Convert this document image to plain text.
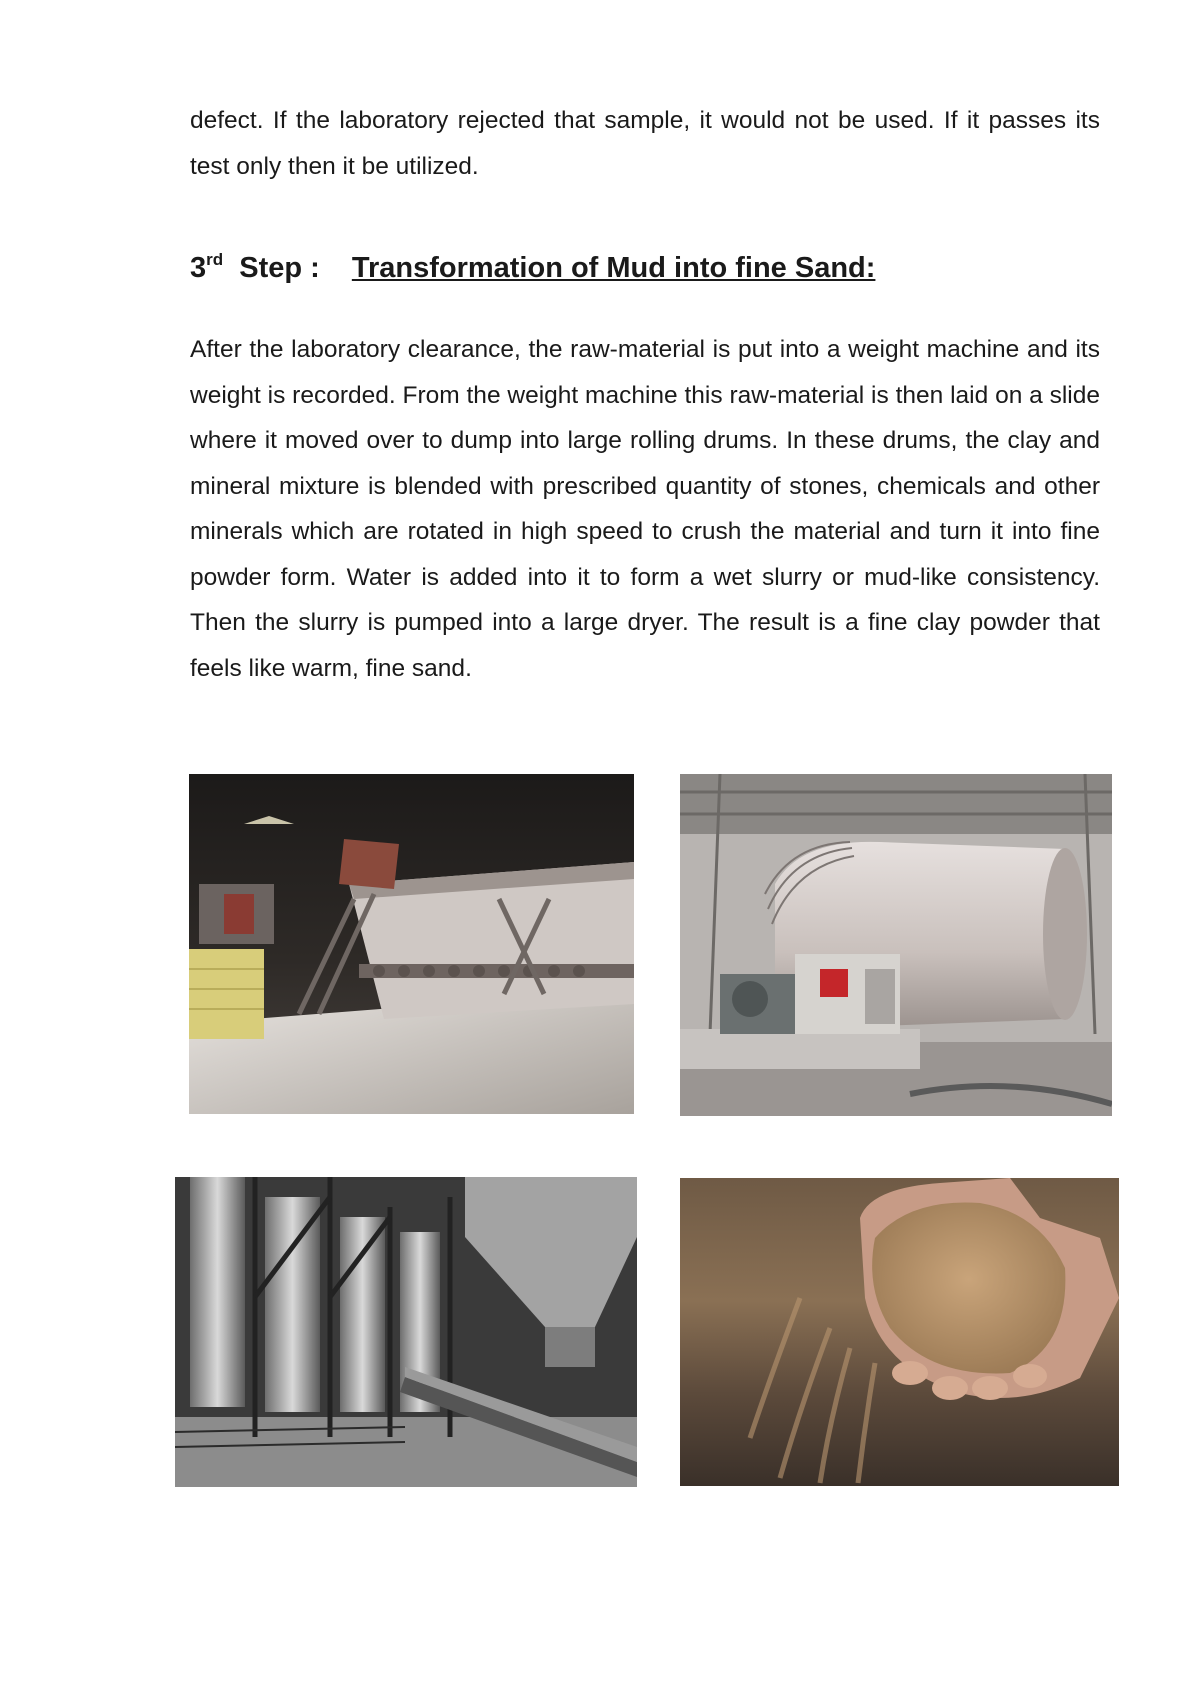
defect. If the laboratory rejected that sample, it would not be used. If it passes its test only then it be utilized.

3rd Step : Transformation of Mud into fine Sand:

After the laboratory clearance, the raw-material is put into a weight machine and its weight is recorded. From the weight machine this raw-material is then laid on a slide where it moved over to dump into large rolling drums. In these drums, the clay and mineral mixture is blended with prescribed quantity of stones, chemicals and other minerals which are rotated in high speed to crush the material and turn it into fine powder form. Water is added into it to form a wet slurry or mud-like consistency. Then the slurry is pumped into a large dryer. The result is a fine clay powder that feels like warm, fine sand.
